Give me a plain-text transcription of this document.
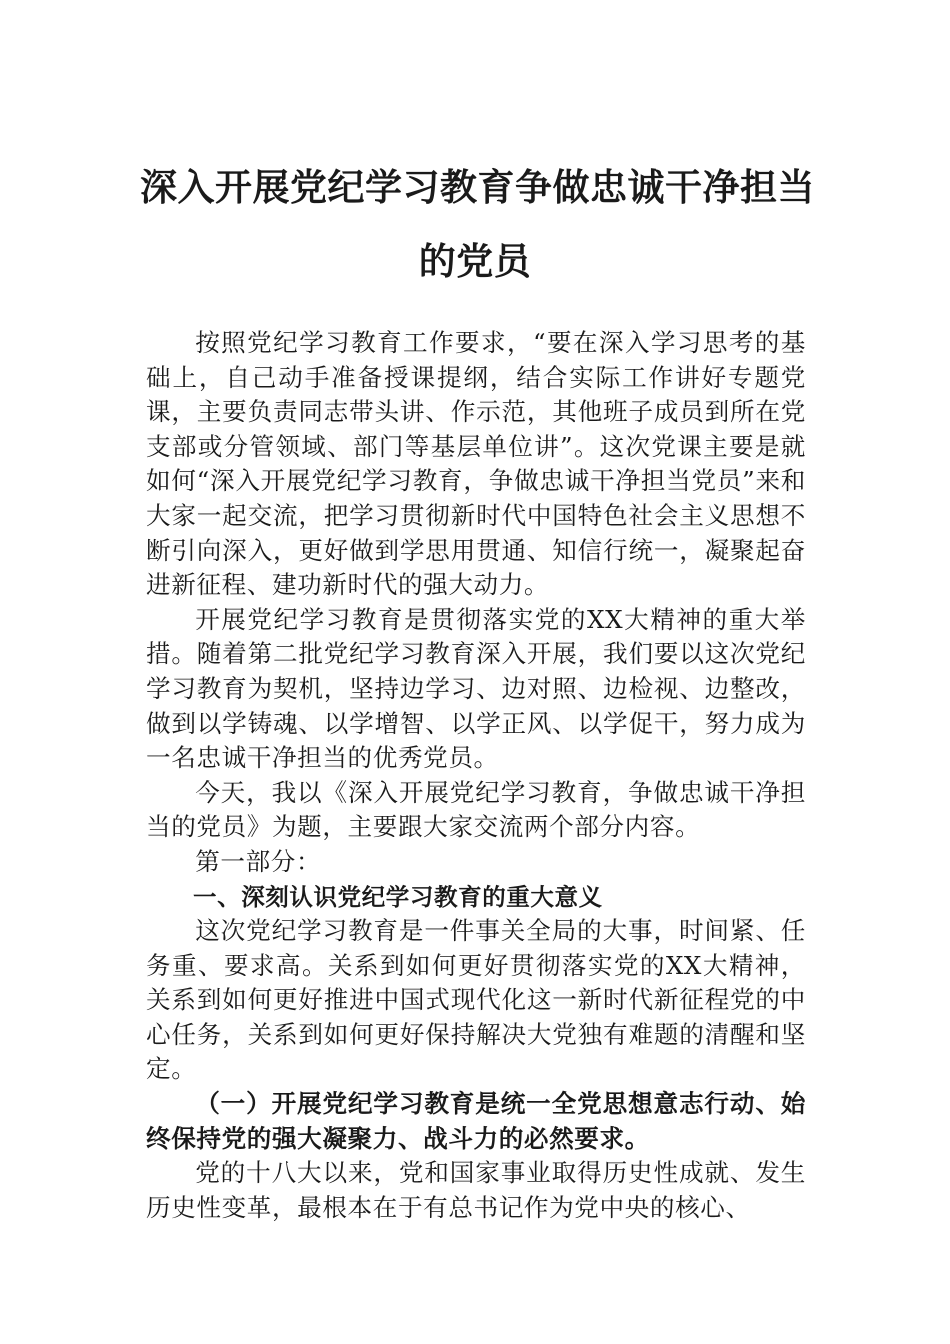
深入开展党纪学习教育争做忠诚干净担当
的党员

按照党纪学习教育工作要求，“要在深入学习思考的基础上，自己动手准备授课提纲，结合实际工作讲好专题党课，主要负责同志带头讲、作示范，其他班子成员到所在党支部或分管领域、部门等基层单位讲”。这次党课主要是就如何“深入开展党纪学习教育，争做忠诚干净担当党员”来和大家一起交流，把学习贯彻新时代中国特色社会主义思想不断引向深入，更好做到学思用贯通、知信行统一，凝聚起奋进新征程、建功新时代的强大动力。

开展党纪学习教育是贯彻落实党的XX大精神的重大举措。随着第二批党纪学习教育深入开展，我们要以这次党纪学习教育为契机，坚持边学习、边对照、边检视、边整改，做到以学铸魂、以学增智、以学正风、以学促干，努力成为一名忠诚干净担当的优秀党员。

今天，我以《深入开展党纪学习教育，争做忠诚干净担当的党员》为题，主要跟大家交流两个部分内容。

第一部分：

一、深刻认识党纪学习教育的重大意义

这次党纪学习教育是一件事关全局的大事，时间紧、任务重、要求高。关系到如何更好贯彻落实党的XX大精神，关系到如何更好推进中国式现代化这一新时代新征程党的中心任务，关系到如何更好保持解决大党独有难题的清醒和坚定。

（一）开展党纪学习教育是统一全党思想意志行动、始终保持党的强大凝聚力、战斗力的必然要求。

党的十八大以来，党和国家事业取得历史性成就、发生历史性变革，最根本在于有总书记作为党中央的核心、
